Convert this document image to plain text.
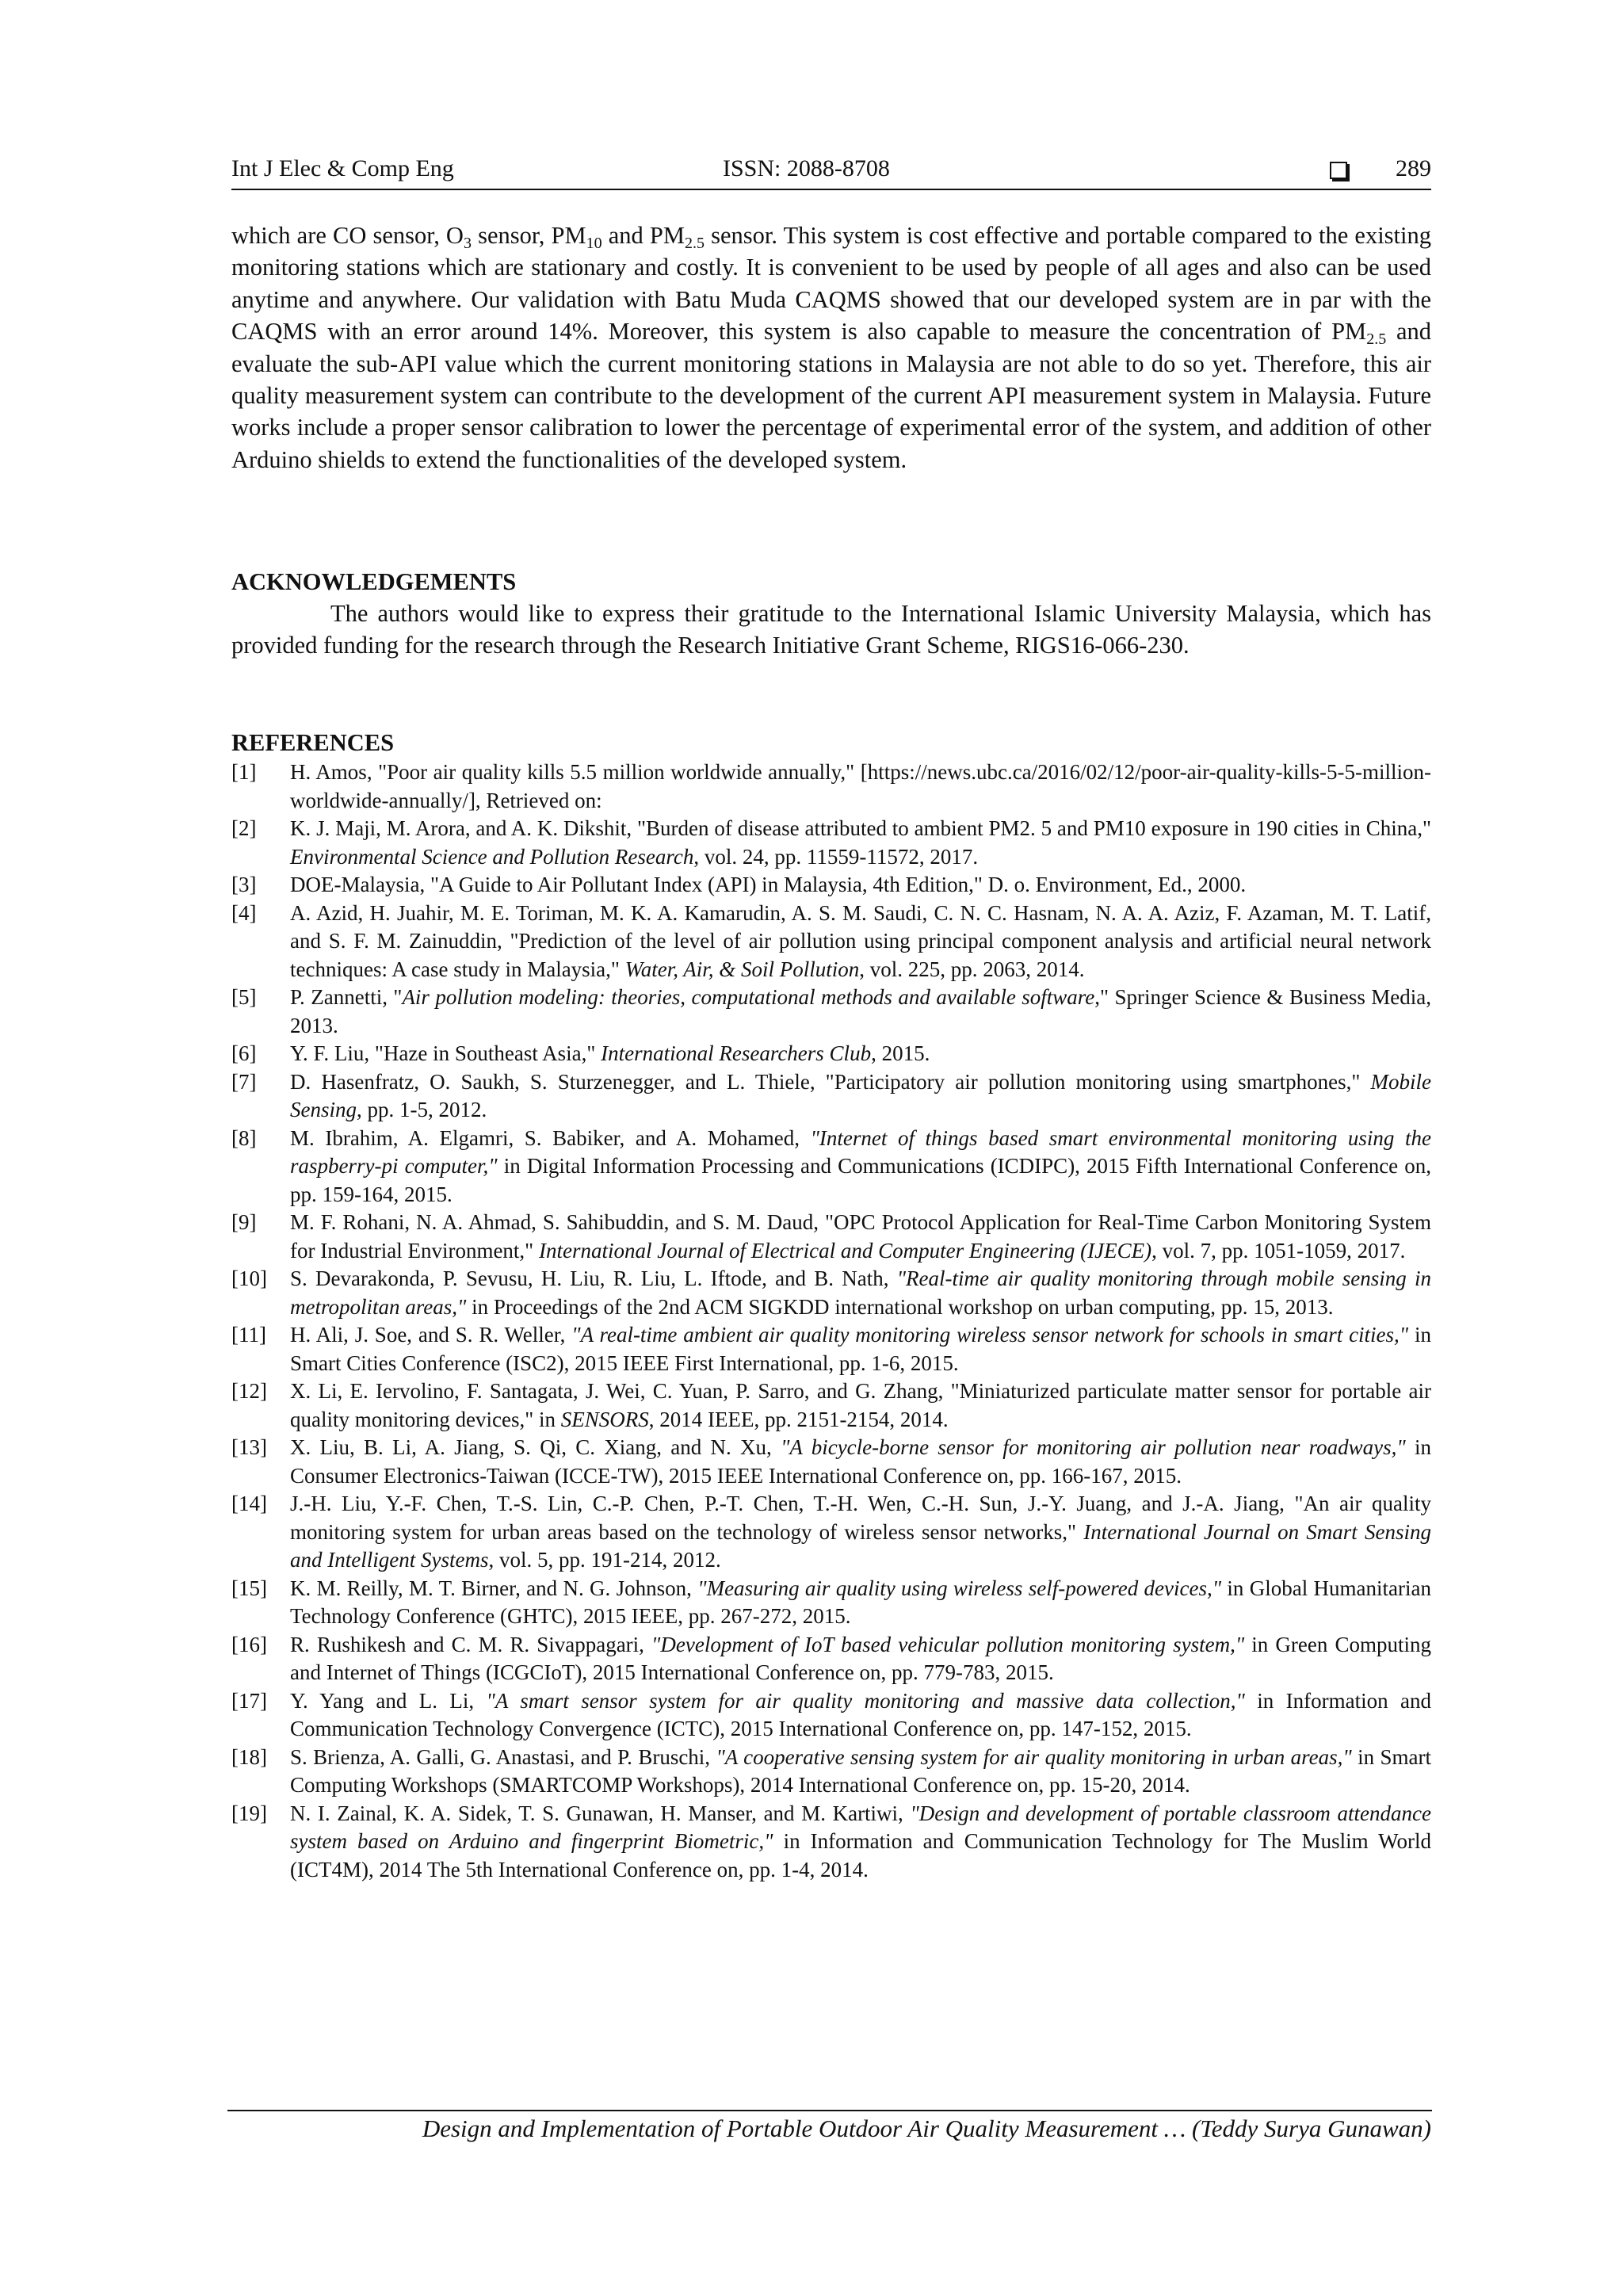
Int J Elec & Comp Eng	ISSN: 2088-8708	289

which are CO sensor, $O_3$ sensor, $PM_{10}$ and $PM_{2.5}$ sensor. This system is cost effective and portable compared to the existing monitoring stations which are stationary and costly. It is convenient to be used by people of all ages and also can be used anytime and anywhere. Our validation with Batu Muda CAQMS showed that our developed system are in par with the CAQMS with an error around 14%. Moreover, this system is also capable to measure the concentration of $PM_{2.5}$ and evaluate the sub-API value which the current monitoring stations in Malaysia are not able to do so yet. Therefore, this air quality measurement system can contribute to the development of the current API measurement system in Malaysia. Future works include a proper sensor calibration to lower the percentage of experimental error of the system, and addition of other Arduino shields to extend the functionalities of the developed system.

ACKNOWLEDGEMENTS

The authors would like to express their gratitude to the International Islamic University Malaysia, which has provided funding for the research through the Research Initiative Grant Scheme, RIGS16-066-230.

REFERENCES
[1] H. Amos, "Poor air quality kills 5.5 million worldwide annually," [https://news.ubc.ca/2016/02/12/poor-air-quality-kills-5-5-million-worldwide-annually/], Retrieved on:
[2] K. J. Maji, M. Arora, and A. K. Dikshit, "Burden of disease attributed to ambient PM2. 5 and PM10 exposure in 190 cities in China," Environmental Science and Pollution Research, vol. 24, pp. 11559-11572, 2017.
[3] DOE-Malaysia, "A Guide to Air Pollutant Index (API) in Malaysia, 4th Edition," D. o. Environment, Ed., 2000.
[4] A. Azid, H. Juahir, M. E. Toriman, M. K. A. Kamarudin, A. S. M. Saudi, C. N. C. Hasnam, N. A. A. Aziz, F. Azaman, M. T. Latif, and S. F. M. Zainuddin, "Prediction of the level of air pollution using principal component analysis and artificial neural network techniques: A case study in Malaysia," Water, Air, & Soil Pollution, vol. 225, pp. 2063, 2014.
[5] P. Zannetti, "Air pollution modeling: theories, computational methods and available software," Springer Science & Business Media, 2013.
[6] Y. F. Liu, "Haze in Southeast Asia," International Researchers Club, 2015.
[7] D. Hasenfratz, O. Saukh, S. Sturzenegger, and L. Thiele, "Participatory air pollution monitoring using smartphones," Mobile Sensing, pp. 1-5, 2012.
[8] M. Ibrahim, A. Elgamri, S. Babiker, and A. Mohamed, "Internet of things based smart environmental monitoring using the raspberry-pi computer," in Digital Information Processing and Communications (ICDIPC), 2015 Fifth International Conference on, pp. 159-164, 2015.
[9] M. F. Rohani, N. A. Ahmad, S. Sahibuddin, and S. M. Daud, "OPC Protocol Application for Real-Time Carbon Monitoring System for Industrial Environment," International Journal of Electrical and Computer Engineering (IJECE), vol. 7, pp. 1051-1059, 2017.
[10] S. Devarakonda, P. Sevusu, H. Liu, R. Liu, L. Iftode, and B. Nath, "Real-time air quality monitoring through mobile sensing in metropolitan areas," in Proceedings of the 2nd ACM SIGKDD international workshop on urban computing, pp. 15, 2013.
[11] H. Ali, J. Soe, and S. R. Weller, "A real-time ambient air quality monitoring wireless sensor network for schools in smart cities," in Smart Cities Conference (ISC2), 2015 IEEE First International, pp. 1-6, 2015.
[12] X. Li, E. Iervolino, F. Santagata, J. Wei, C. Yuan, P. Sarro, and G. Zhang, "Miniaturized particulate matter sensor for portable air quality monitoring devices," in SENSORS, 2014 IEEE, pp. 2151-2154, 2014.
[13] X. Liu, B. Li, A. Jiang, S. Qi, C. Xiang, and N. Xu, "A bicycle-borne sensor for monitoring air pollution near roadways," in Consumer Electronics-Taiwan (ICCE-TW), 2015 IEEE International Conference on, pp. 166-167, 2015.
[14] J.-H. Liu, Y.-F. Chen, T.-S. Lin, C.-P. Chen, P.-T. Chen, T.-H. Wen, C.-H. Sun, J.-Y. Juang, and J.-A. Jiang, "An air quality monitoring system for urban areas based on the technology of wireless sensor networks," International Journal on Smart Sensing and Intelligent Systems, vol. 5, pp. 191-214, 2012.
[15] K. M. Reilly, M. T. Birner, and N. G. Johnson, "Measuring air quality using wireless self-powered devices," in Global Humanitarian Technology Conference (GHTC), 2015 IEEE, pp. 267-272, 2015.
[16] R. Rushikesh and C. M. R. Sivappagari, "Development of IoT based vehicular pollution monitoring system," in Green Computing and Internet of Things (ICGCIoT), 2015 International Conference on, pp. 779-783, 2015.
[17] Y. Yang and L. Li, "A smart sensor system for air quality monitoring and massive data collection," in Information and Communication Technology Convergence (ICTC), 2015 International Conference on, pp. 147-152, 2015.
[18] S. Brienza, A. Galli, G. Anastasi, and P. Bruschi, "A cooperative sensing system for air quality monitoring in urban areas," in Smart Computing Workshops (SMARTCOMP Workshops), 2014 International Conference on, pp. 15-20, 2014.
[19] N. I. Zainal, K. A. Sidek, T. S. Gunawan, H. Manser, and M. Kartiwi, "Design and development of portable classroom attendance system based on Arduino and fingerprint Biometric," in Information and Communication Technology for The Muslim World (ICT4M), 2014 The 5th International Conference on, pp. 1-4, 2014.
Design and Implementation of Portable Outdoor Air Quality Measurement … (Teddy Surya Gunawan)
